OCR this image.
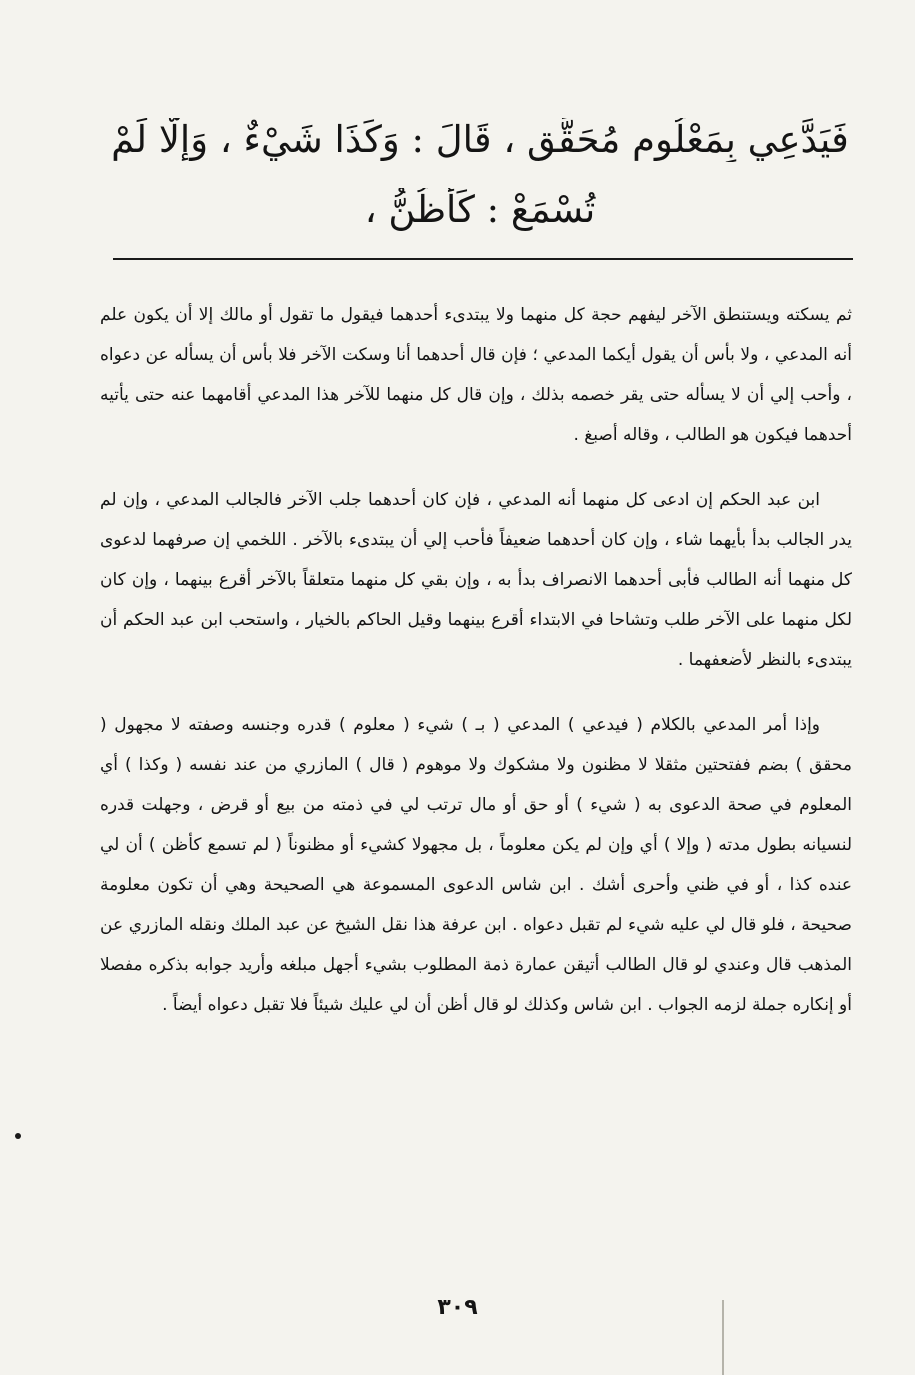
فَيَدَّعِي بِمَعْلُومٍ مُحَقَّقِ ، قَالَ : وَكَذَا شَيْءٌ ، وَإِلَّا لَمْ
تُسْمَعْ : كَأَظُنُّ ،

ثم يسكته ويستنطق الآخر ليفهم حجة كل منهما ولا يبتدىء أحدهما فيقول ما تقول أو مالك إلا أن يكون علم أنه المدعي ، ولا بأس أن يقول أيكما المدعي ؛ فإن قال أحدهما أنا وسكت الآخر فلا بأس أن يسأله عن دعواه ، وأحب إلي أن لا يسأله حتى يقر خصمه بذلك ، وإن قال كل منهما للآخر هذا المدعي أقامهما عنه حتى يأتيه أحدهما فيكون هو الطالب ، وقاله أصبغ .

ابن عبد الحكم إن ادعى كل منهما أنه المدعي ، فإن كان أحدهما جلب الآخر فالجالب المدعي ، وإن لم يدر الجالب بدأ بأيهما شاء ، وإن كان أحدهما ضعيفاً فأحب إلي أن يبتدىء بالآخر . اللخمي إن صرفهما لدعوى كل منهما أنه الطالب فأبى أحدهما الانصراف بدأ به ، وإن بقي كل منهما متعلقاً بالآخر أقرع بينهما ، وإن كان لكل منهما على الآخر طلب وتشاحا في الابتداء أقرع بينهما وقيل الحاكم بالخيار ، واستحب ابن عبد الحكم أن يبتدىء بالنظر لأضعفهما .

وإذا أمر المدعي بالكلام ( فيدعي ) المدعي ( بـ ) شيء ( معلوم ) قدره وجنسه وصفته لا مجهول ( محقق ) بضم ففتحتين مثقلا لا مظنون ولا مشكوك ولا موهوم ( قال ) المازري من عند نفسه ( وكذا ) أي المعلوم في صحة الدعوى به ( شيء ) أو حق أو مال ترتب لي في ذمته من بيع أو قرض ، وجهلت قدره لنسيانه بطول مدته ( وإلا ) أي وإن لم يكن معلوماً ، بل مجهولا كشيء أو مظنوناً ( لم تسمع كأظن ) أن لي عنده كذا ، أو في ظني وأحرى أشك . ابن شاس الدعوى المسموعة هي الصحيحة وهي أن تكون معلومة صحيحة ، فلو قال لي عليه شيء لم تقبل دعواه . ابن عرفة هذا نقل الشيخ عن عبد الملك ونقله المازري عن المذهب قال وعندي لو قال الطالب أتيقن عمارة ذمة المطلوب بشيء أجهل مبلغه وأريد جوابه بذكره مفصلا أو إنكاره جملة لزمه الجواب . ابن شاس وكذلك لو قال أظن أن لي عليك شيئاً فلا تقبل دعواه أيضاً .

٣٠٩
